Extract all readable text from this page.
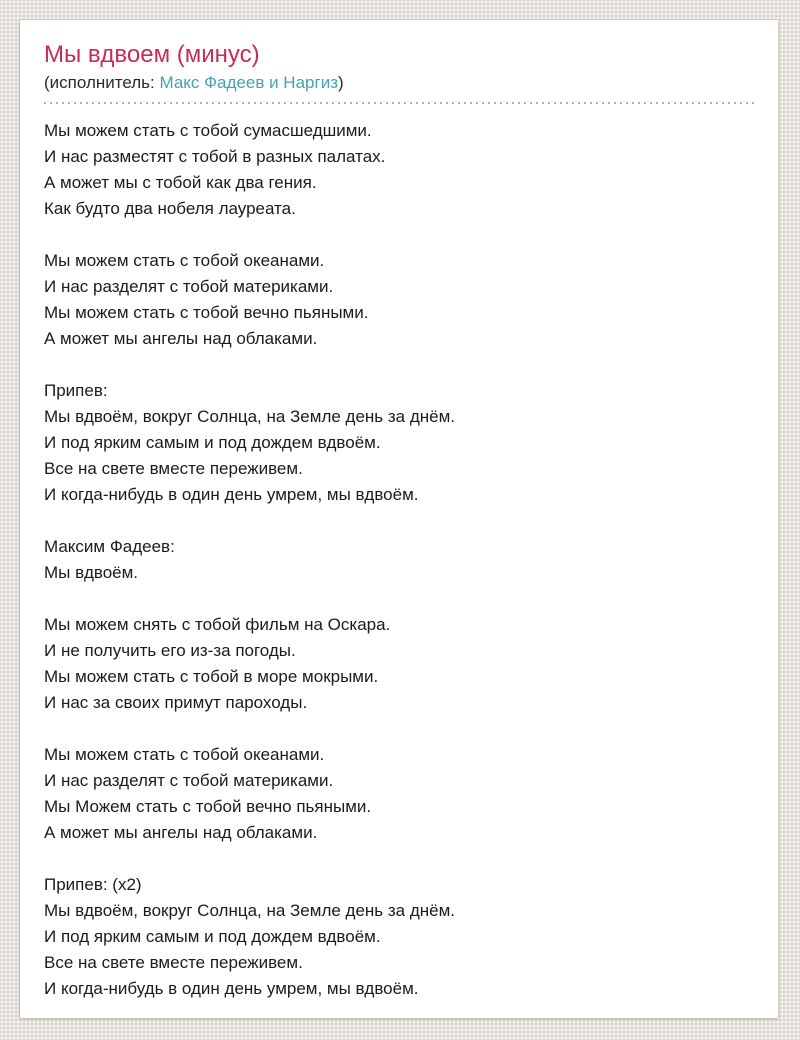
Мы вдвоем (минус)
(исполнитель: Макс Фадеев и Наргиз)
Мы можем стать с тобой сумасшедшими.
И нас разместят с тобой в разных палатах.
А может мы с тобой как два гения.
Как будто два нобеля лауреата.
Мы можем стать с тобой океанами.
И нас разделят с тобой материками.
Мы можем стать с тобой вечно пьяными.
А может мы ангелы над облаками.
Припев:
Мы вдвоём, вокруг Солнца, на Земле день за днём.
И под ярким самым и под дождем вдвоём.
Все на свете вместе переживем.
И когда-нибудь в один день умрем, мы вдвоём.
Максим Фадеев:
Мы вдвоём.
Мы можем снять с тобой фильм на Оскара.
И не получить его из-за погоды.
Мы можем стать с тобой в море мокрыми.
И нас за своих примут пароходы.
Мы можем стать с тобой океанами.
И нас разделят с тобой материками.
Мы Можем стать с тобой вечно пьяными.
А может мы ангелы над облаками.
Припев: (x2)
Мы вдвоём, вокруг Солнца, на Земле день за днём.
И под ярким самым и под дождем вдвоём.
Все на свете вместе переживем.
И когда-нибудь в один день умрем, мы вдвоём.
